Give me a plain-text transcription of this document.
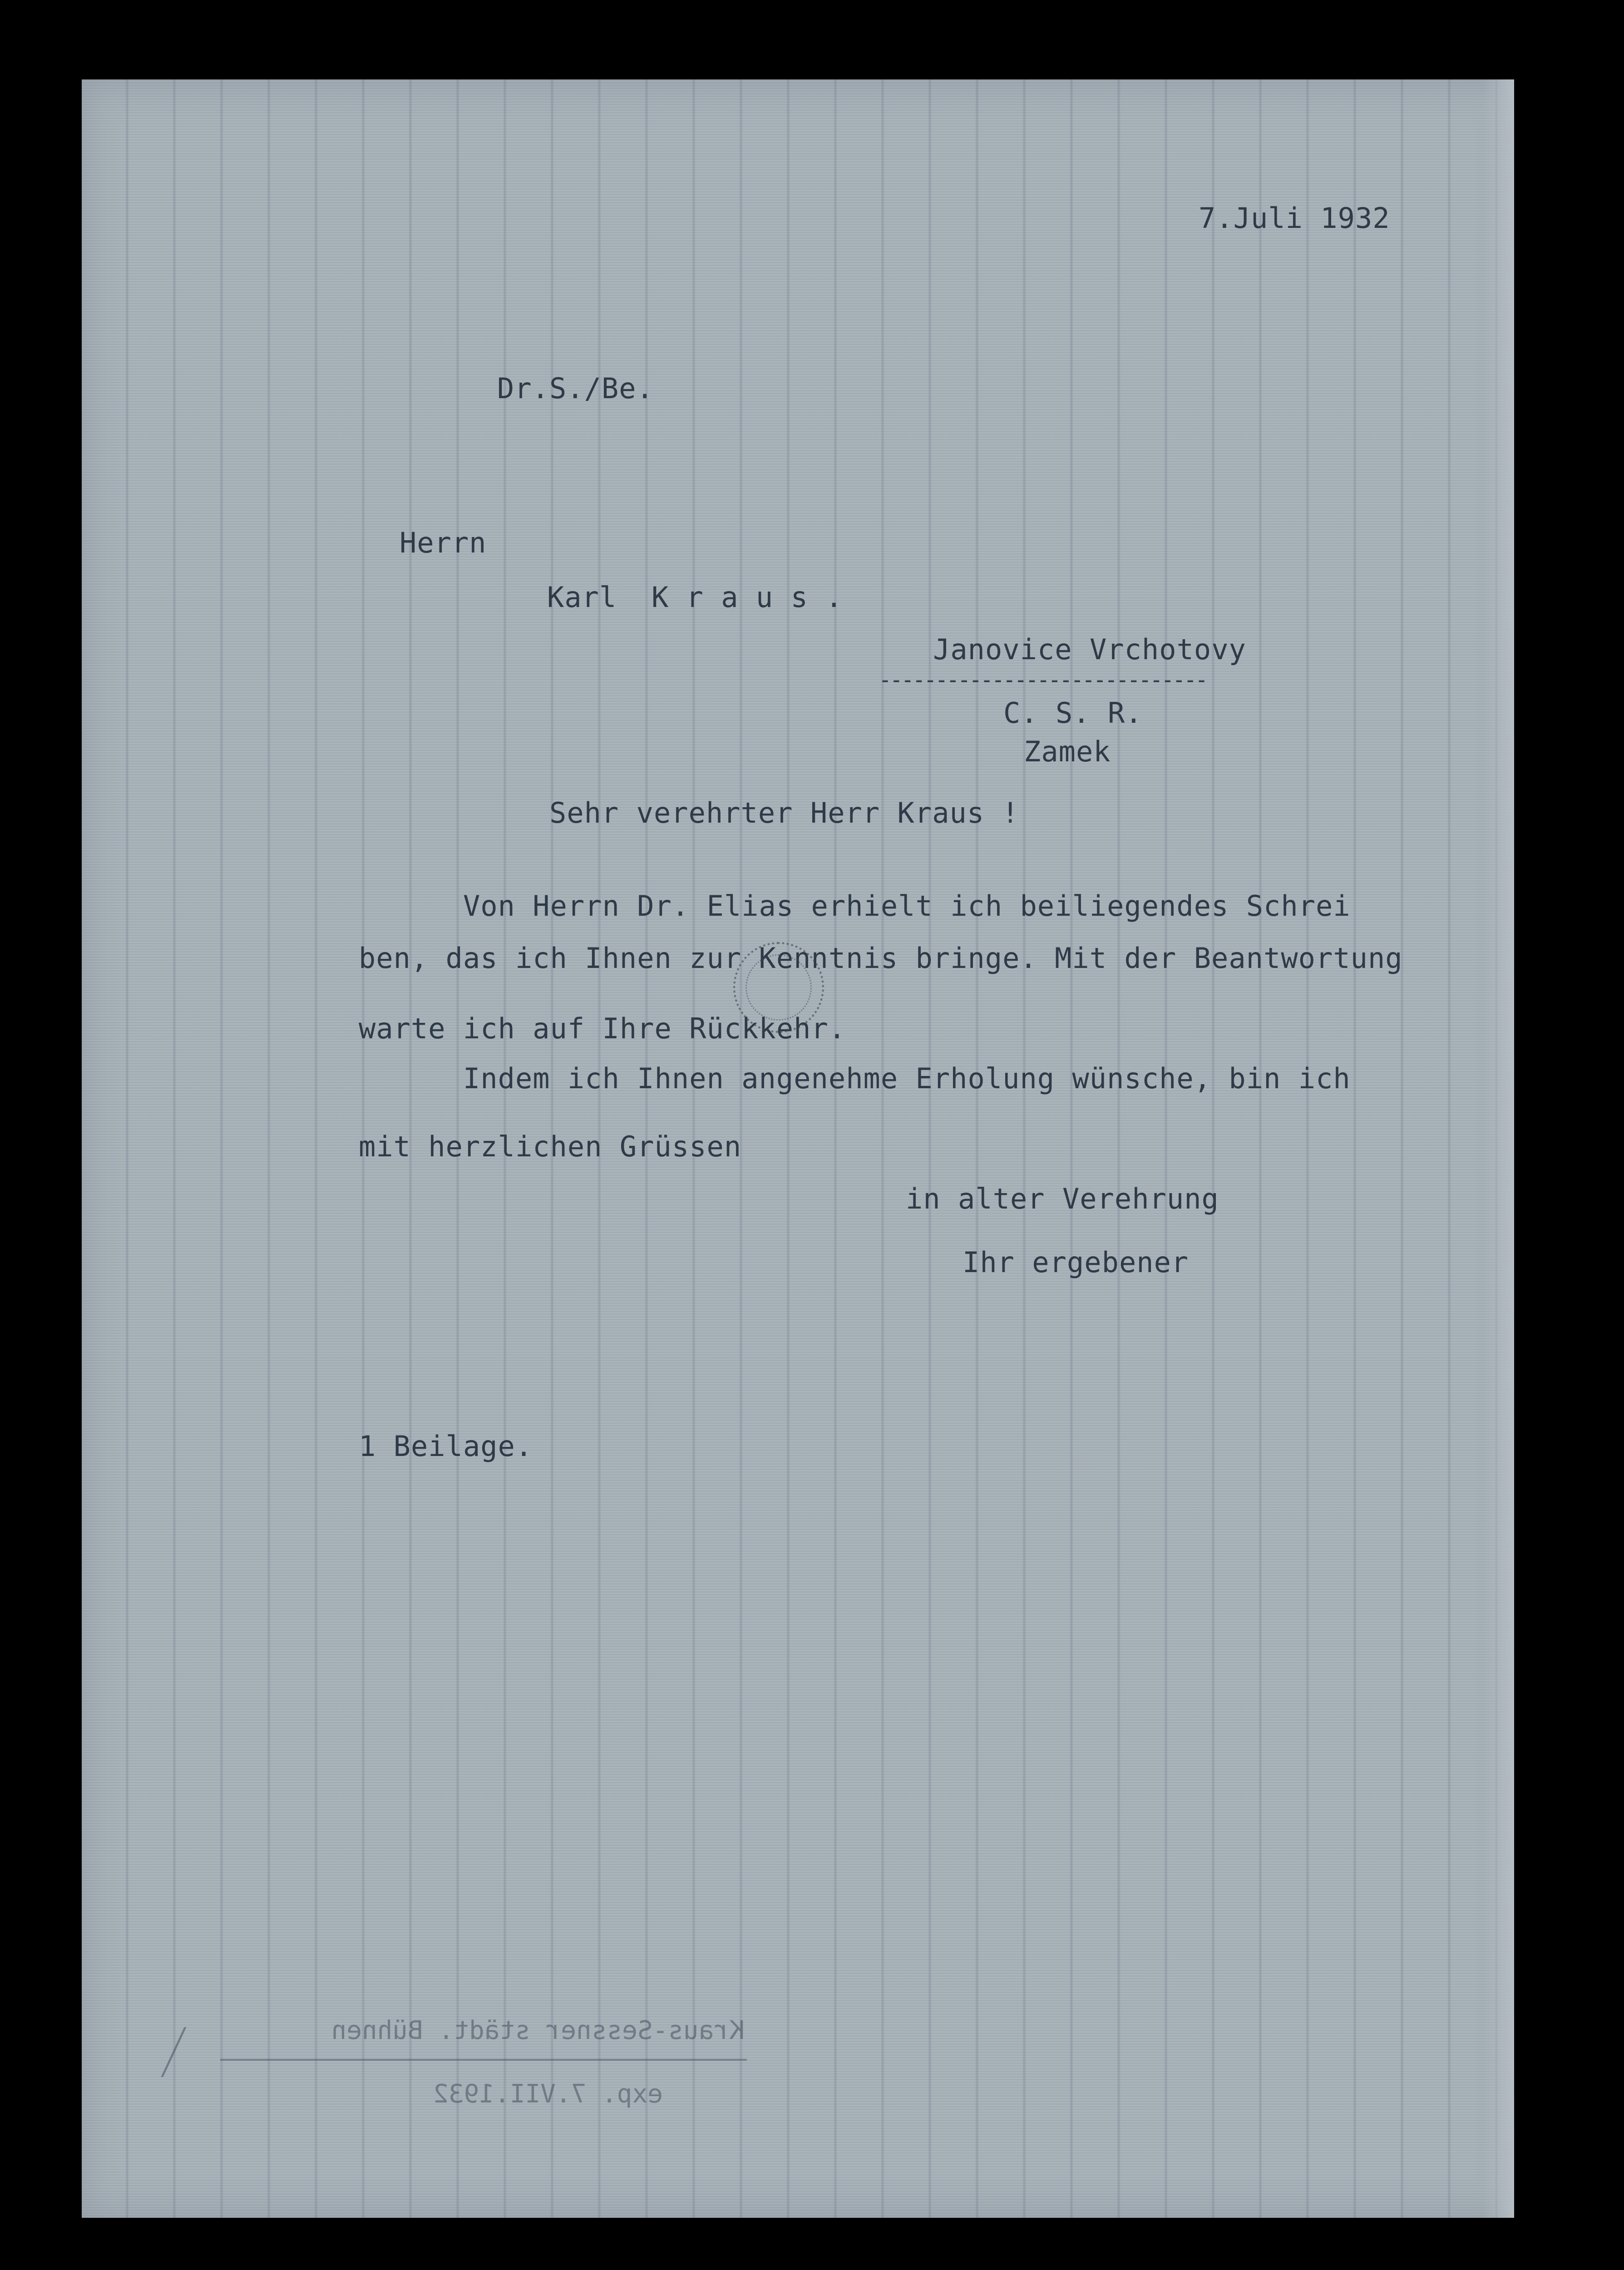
7.Juli 1932
Dr.S./Be.
Herrn
Karl  K r a u s .
Janovice Vrchotovy
-----------------------------
C. S. R.
Zamek
Sehr verehrter Herr Kraus !
Von Herrn Dr. Elias erhielt ich beiliegendes Schrei
ben, das ich Ihnen zur Kenntnis bringe. Mit der Beantwortung
warte ich auf Ihre Rückkehr.
Indem ich Ihnen angenehme Erholung wünsche, bin ich
mit herzlichen Grüssen
in alter Verehrung
Ihr ergebener
1 Beilage.
Kraus-Sessner städt. Bühnen
exp. 7.VII.1932
